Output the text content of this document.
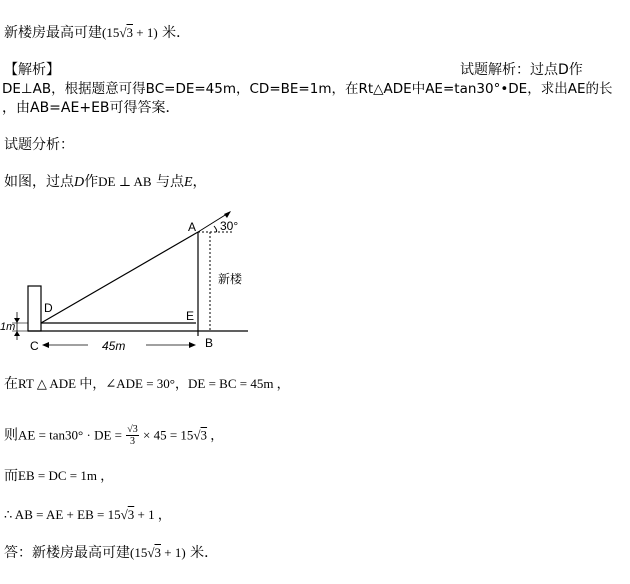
新楼房最高可建(15√3 + 1) 米．
【解析】	试题解析：过点D作
DE⊥AB，根据题意可得BC=DE=45m，CD=BE=1m，在Rt△ADE中AE=tan30°•DE，求出AE的长
，由AB=AE+EB可得答案．
试题分析：
如图，过点D作DE ⊥ AB 与点E，
A
B
C
D
E
30°
新楼
45m
1m
在RT △ ADE 中，∠ADE = 30°，DE = BC = 45m ，
则AE = tan30° · DE = $\frac{√3}{3} \times 45 = 15√3$ ，
而EB = DC = 1m ，
∴ AB = AE + EB = 15√3 + 1 ，
答：新楼房最高可建(15√3 + 1) 米．
